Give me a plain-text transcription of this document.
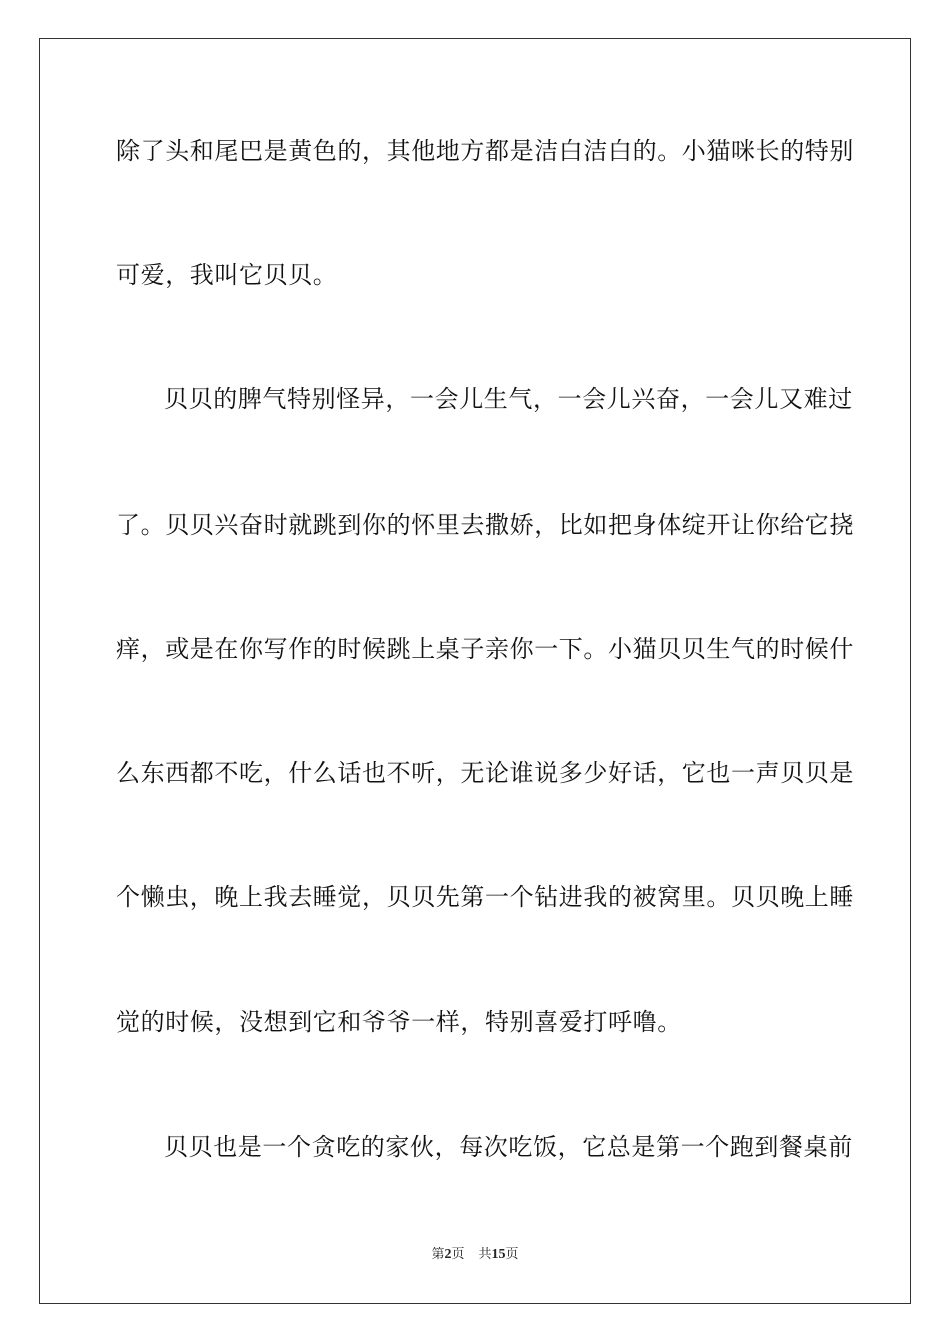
除了头和尾巴是黄色的，其他地方都是洁白洁白的。小猫咪长的特别
可爱，我叫它贝贝。
贝贝的脾气特别怪异，一会儿生气，一会儿兴奋，一会儿又难过
了。贝贝兴奋时就跳到你的怀里去撒娇，比如把身体绽开让你给它挠
痒，或是在你写作的时候跳上桌子亲你一下。小猫贝贝生气的时候什
么东西都不吃，什么话也不听，无论谁说多少好话，它也一声贝贝是
个懒虫，晚上我去睡觉，贝贝先第一个钻进我的被窝里。贝贝晚上睡
觉的时候，没想到它和爷爷一样，特别喜爱打呼噜。
贝贝也是一个贪吃的家伙，每次吃饭，它总是第一个跑到餐桌前
第2页 共15页
